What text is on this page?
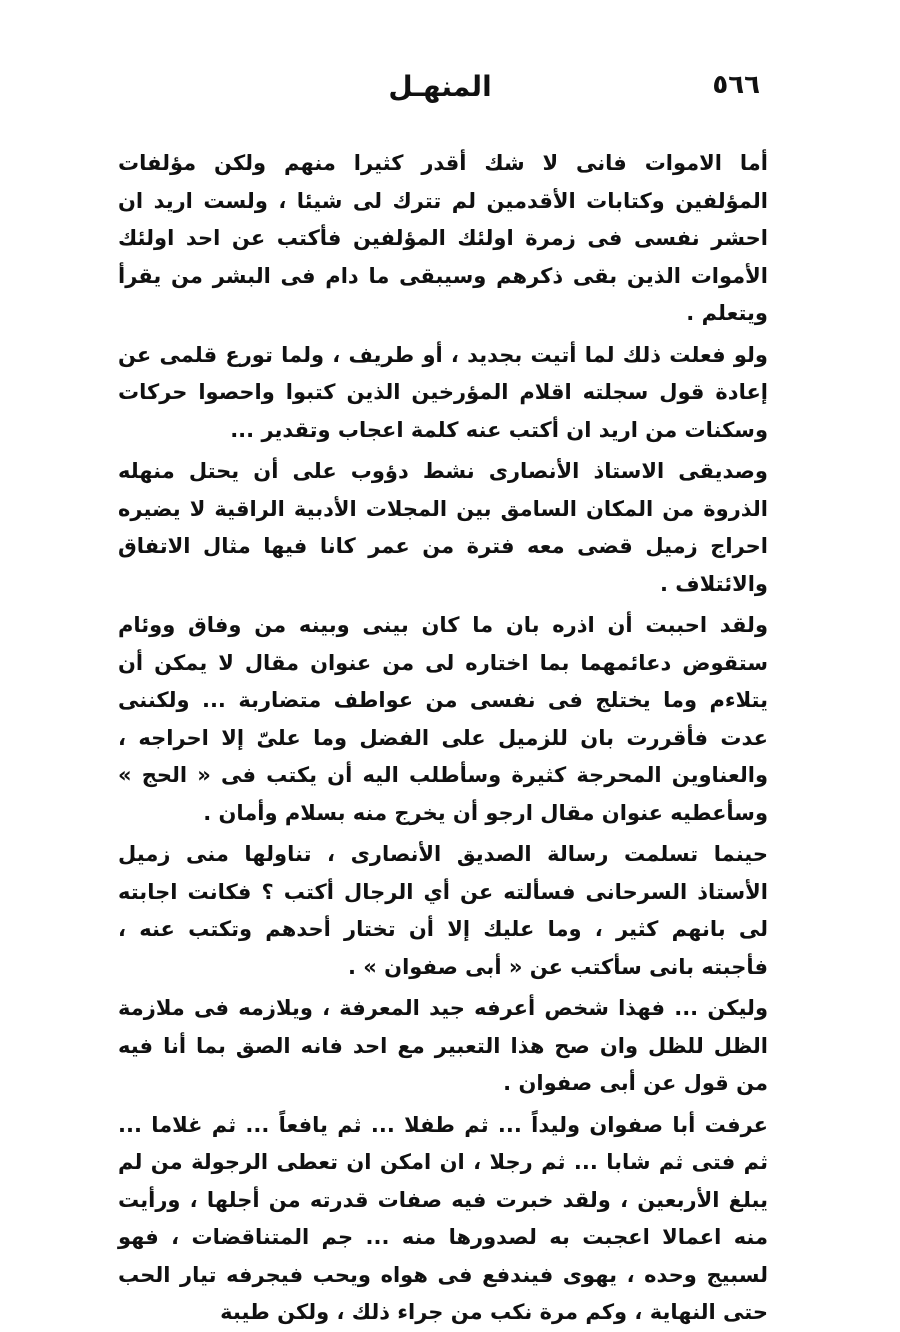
٥٦٦
المنهـل

أما الاموات فانى لا شك أقدر كثيرا منهم ولكن مؤلفات المؤلفين وكتابات الأقدمين لم تترك لى شيئا ، ولست اريد ان احشر نفسى فى زمرة اولئك المؤلفين فأكتب عن احد اولئك الأموات الذين بقى ذكرهم وسيبقى ما دام فى البشر من يقرأ ويتعلم .

ولو فعلت ذلك لما أتيت بجديد ، أو طريف ، ولما تورع قلمى عن إعادة قول سجلته اقلام المؤرخين الذين كتبوا واحصوا حركات وسكنات من اريد ان أكتب عنه كلمة اعجاب وتقدير ...

وصديقى الاستاذ الأنصارى نشط دؤوب على أن يحتل منهله الذروة من المكان السامق بين المجلات الأدبية الراقية لا يضيره احراج زميل قضى معه فترة من عمر كانا فيها مثال الاتفاق والائتلاف .

ولقد احببت أن اذره بان ما كان بينى وبينه من وفاق ووئام ستقوض دعائمهما بما اختاره لى من عنوان مقال لا يمكن أن يتلاءم وما يختلج فى نفسى من عواطف متضاربة ... ولكننى عدت فأقررت بان للزميل على الفضل وما علىّ إلا احراجه ، والعناوين المحرجة كثيرة وسأطلب اليه أن يكتب فى « الحج » وسأعطيه عنوان مقال ارجو أن يخرج منه بسلام وأمان .

حينما تسلمت رسالة الصديق الأنصارى ، تناولها منى زميل الأستاذ السرحانى فسألته عن أي الرجال أكتب ؟ فكانت اجابته لى بانهم كثير ، وما عليك إلا أن تختار أحدهم وتكتب عنه ، فأجبته بانى سأكتب عن « أبى صفوان » .

وليكن ... فهذا شخص أعرفه جيد المعرفة ، ويلازمه فى ملازمة الظل للظل وان صح هذا التعبير مع احد فانه الصق بما أنا فيه من قول عن أبى صفوان .

عرفت أبا صفوان وليداً ... ثم طفلا ... ثم يافعاً ... ثم غلاما ... ثم فتى ثم شابا ... ثم رجلا ، ان امكن ان تعطى الرجولة من لم يبلغ الأربعين ، ولقد خبرت فيه صفات قدرته من أجلها ، ورأيت منه اعمالا اعجبت به لصدورها منه ... جم المتناقضات ، فهو لسبيج وحده ، يهوى فيندفع فى هواه ويحب فيجرفه تيار الحب حتى النهاية ، وكم مرة نكب من جراء ذلك ، ولكن طيبة
